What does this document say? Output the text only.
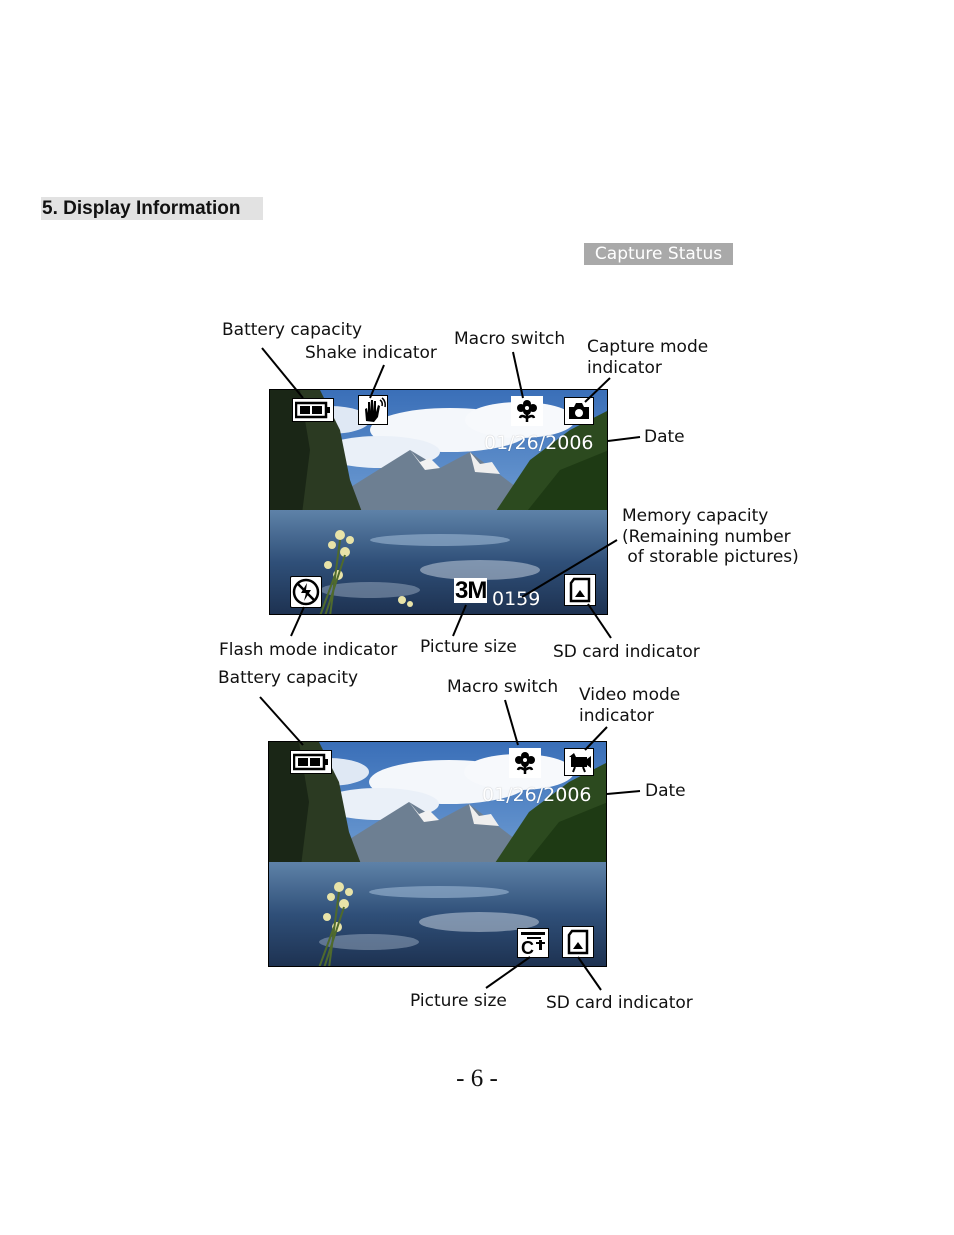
5. Display Information
Capture Status
Battery capacity
Shake indicator
Macro switch Capture mode
indicator
Date
Memory capacity
(Remaining number
of storable pictures)
Flash mode indicator Picture size SD card indicator
01/26/2006
3M 0159
Battery capacity	Macro switch Video mode
indicator
Date
Picture size SD card indicator
01/26/2006
C
- 6 -
